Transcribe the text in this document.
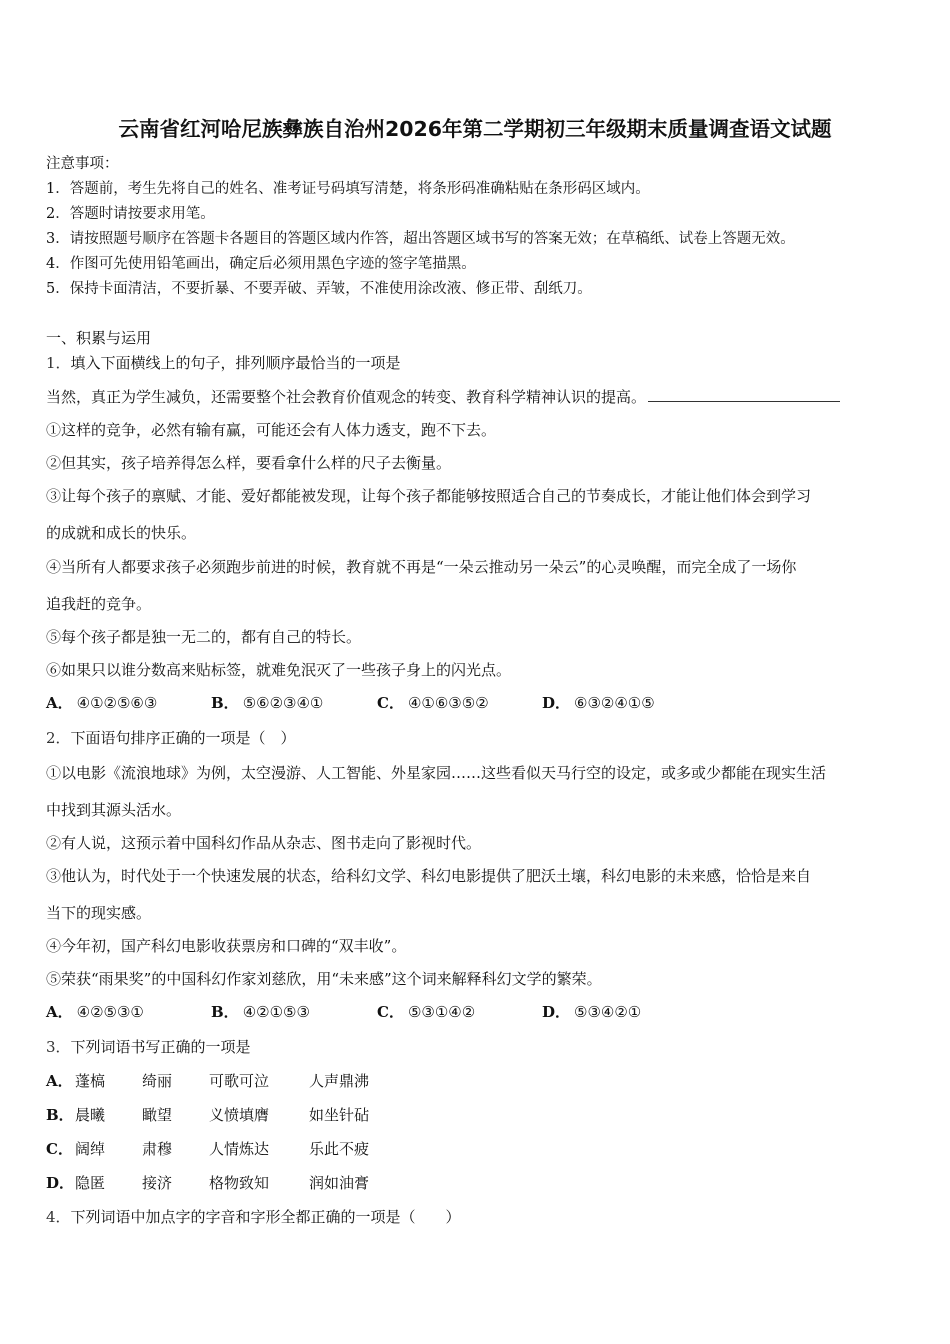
云南省红河哈尼族彝族自治州2026年第二学期初三年级期末质量调查语文试题
注意事项：
1．答题前，考生先将自己的姓名、准考证号码填写清楚，将条形码准确粘贴在条形码区域内。
2．答题时请按要求用笔。
3．请按照题号顺序在答题卡各题目的答题区域内作答，超出答题区域书写的答案无效；在草稿纸、试卷上答题无效。
4．作图可先使用铅笔画出，确定后必须用黑色字迹的签字笔描黑。
5．保持卡面清洁，不要折暴、不要弄破、弄皱，不准使用涂改液、修正带、刮纸刀。
一、积累与运用
1．填入下面横线上的句子，排列顺序最恰当的一项是
当然，真正为学生减负，还需要整个社会教育价值观念的转变、教育科学精神认识的提高。
①这样的竞争，必然有输有赢，可能还会有人体力透支，跑不下去。
②但其实，孩子培养得怎么样，要看拿什么样的尺子去衡量。
③让每个孩子的禀赋、才能、爱好都能被发现，让每个孩子都能够按照适合自己的节奏成长，才能让他们体会到学习
的成就和成长的快乐。
④当所有人都要求孩子必须跑步前进的时候，教育就不再是“一朵云推动另一朵云”的心灵唤醒，而完全成了一场你
追我赶的竞争。
⑤每个孩子都是独一无二的，都有自己的特长。
⑥如果只以谁分数高来贴标签，就难免泯灭了一些孩子身上的闪光点。
A． ④①②⑤⑥③	B． ⑤⑥②③④①	C． ④①⑥③⑤②	D． ⑥③②④①⑤
2．下面语句排序正确的一项是（　）
①以电影《流浪地球》为例，太空漫游、人工智能、外星家园……这些看似天马行空的设定，或多或少都能在现实生活
中找到其源头活水。
②有人说，这预示着中国科幻作品从杂志、图书走向了影视时代。
③他认为，时代处于一个快速发展的状态，给科幻文学、科幻电影提供了肥沃土壤，科幻电影的未来感，恰恰是来自
当下的现实感。
④今年初，国产科幻电影收获票房和口碑的“双丰收”。
⑤荣获“雨果奖”的中国科幻作家刘慈欣，用“未来感”这个词来解释科幻文学的繁荣。
A． ④②⑤③①	B． ④②①⑤③	C． ⑤③①④②	D． ⑤③④②①
3．下列词语书写正确的一项是
A． 蓬槁 绮丽 可歌可泣	人声鼎沸
B． 晨曦 瞰望 义愤填膺	如坐针砧
C． 阔绰 肃穆 人情炼达	乐此不疲
D． 隐匿 接济 格物致知	润如油膏
4．下列词语中加点字的字音和字形全都正确的一项是（　　）
